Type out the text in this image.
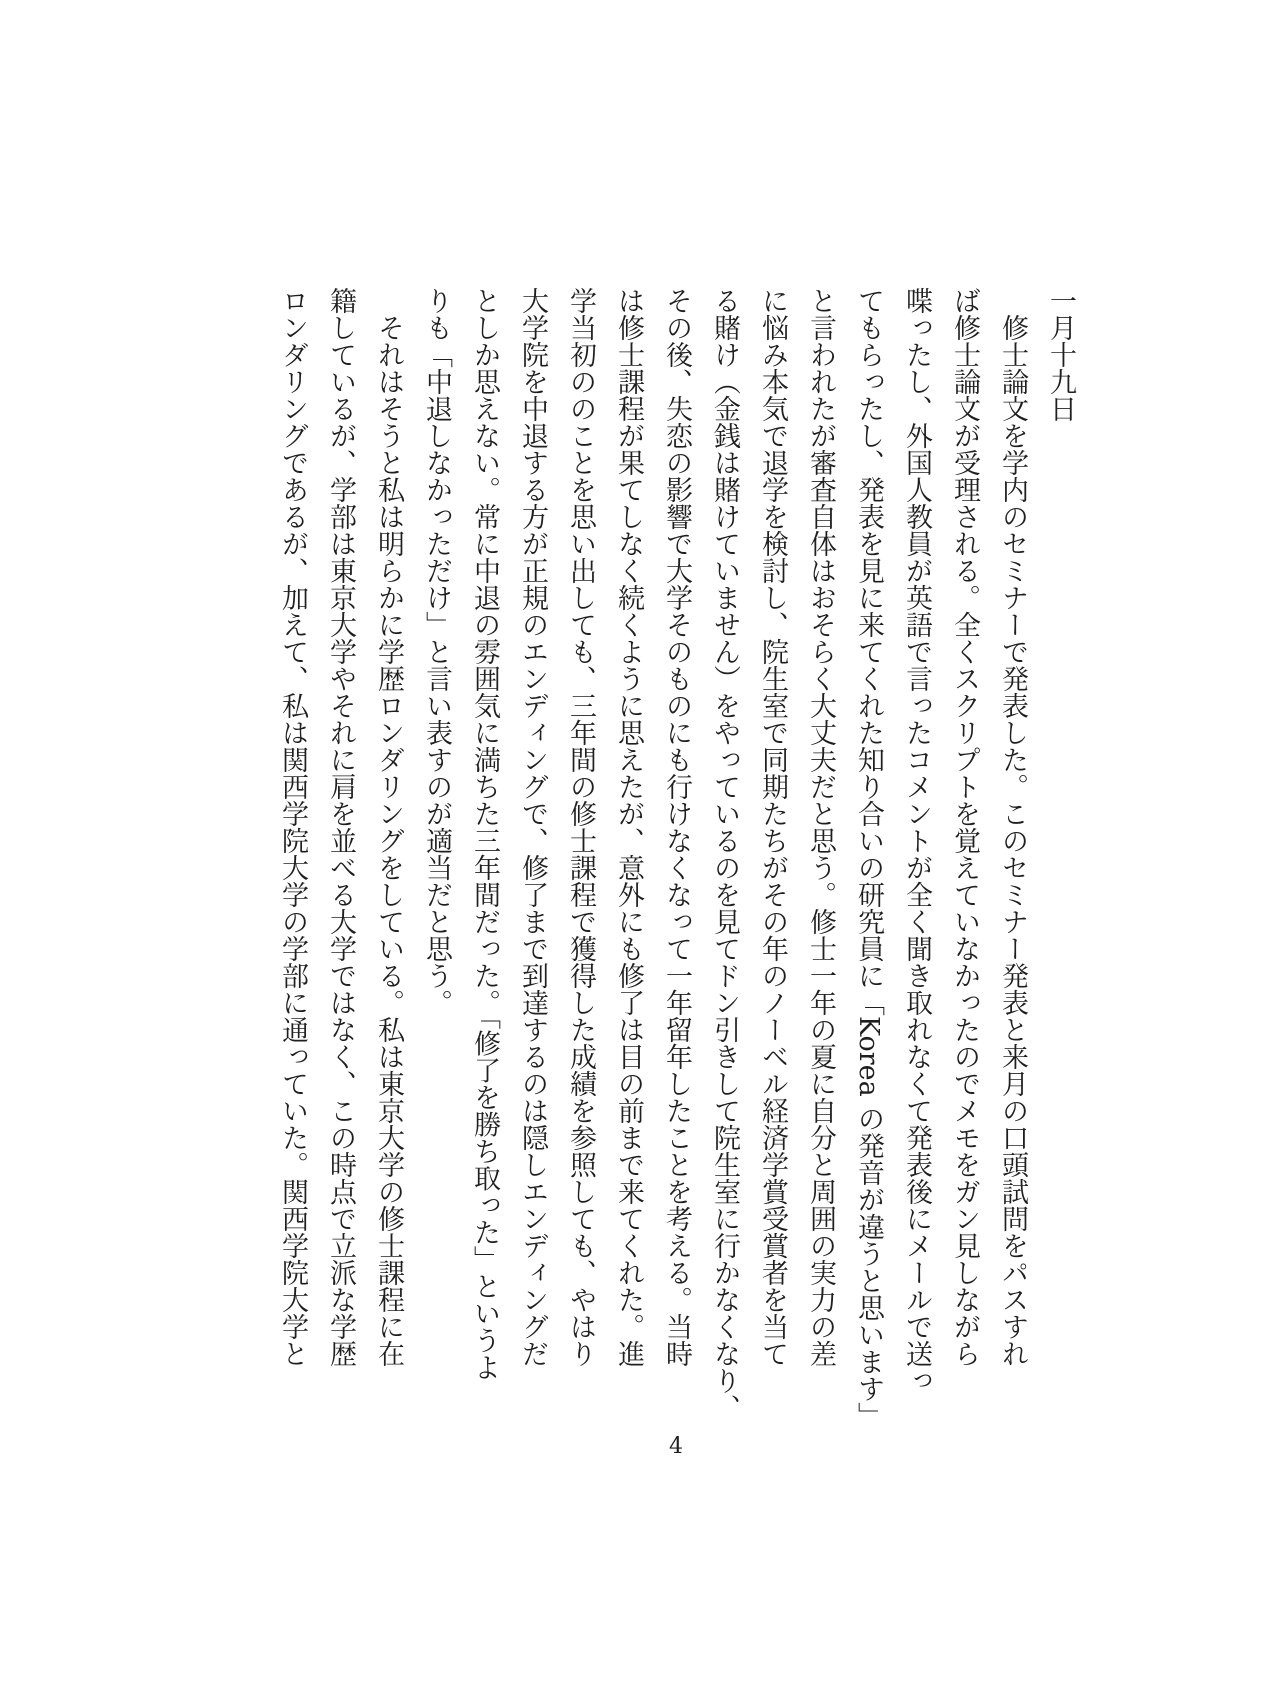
一月十九日
　修士論文を学内のセミナーで発表した。このセミナー発表と来月の口頭試問をパスすれ
ば修士論文が受理される。全くスクリプトを覚えていなかったのでメモをガン見しながら
喋ったし、外国人教員が英語で言ったコメントが全く聞き取れなくて発表後にメールで送っ
てもらったし、発表を見に来てくれた知り合いの研究員に「Korea の発音が違うと思います」
と言われたが審査自体はおそらく大丈夫だと思う。修士一年の夏に自分と周囲の実力の差
に悩み本気で退学を検討し、院生室で同期たちがその年のノーベル経済学賞受賞者を当て
る賭け（金銭は賭けていません）をやっているのを見てドン引きして院生室に行かなくなり、
その後、失恋の影響で大学そのものにも行けなくなって一年留年したことを考える。当時
は修士課程が果てしなく続くように思えたが、意外にも修了は目の前まで来てくれた。進
学当初ののことを思い出しても、三年間の修士課程で獲得した成績を参照しても、やはり
大学院を中退する方が正規のエンディングで、修了まで到達するのは隠しエンディングだ
としか思えない。常に中退の雰囲気に満ちた三年間だった。「修了を勝ち取った」というよ
りも「中退しなかっただけ」と言い表すのが適当だと思う。
　それはそうと私は明らかに学歴ロンダリングをしている。私は東京大学の修士課程に在
籍しているが、学部は東京大学やそれに肩を並べる大学ではなく、この時点で立派な学歴
ロンダリングであるが、加えて、私は関西学院大学の学部に通っていた。関西学院大学と
4
